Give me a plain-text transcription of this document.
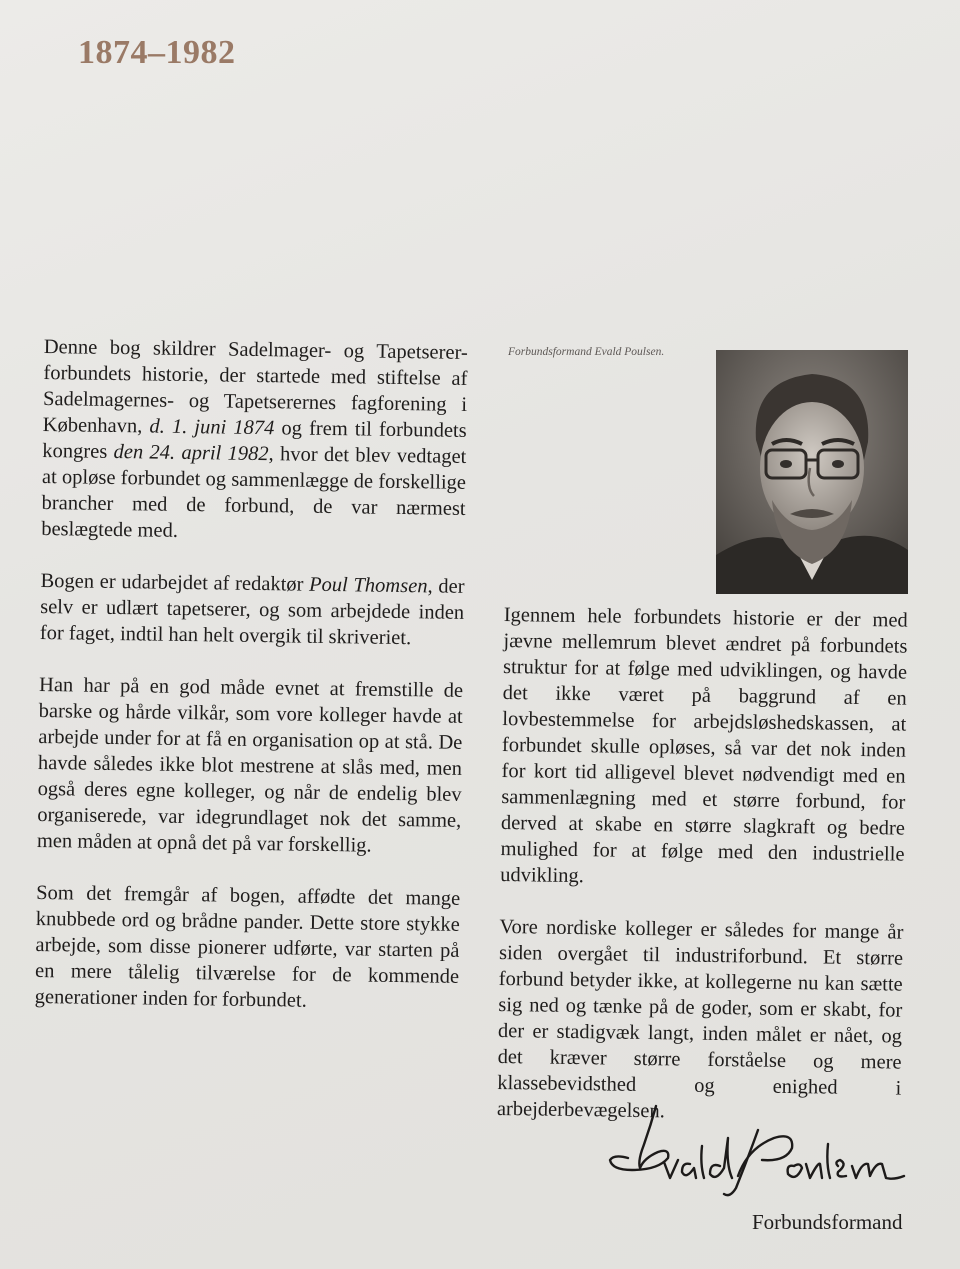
1874–1982

Denne bog skildrer Sadelmager- og Tapetserer-forbundets historie, der startede med stiftelse af Sadelmagernes- og Tapetserernes fagforening i København, d. 1. juni 1874 og frem til forbundets kongres den 24. april 1982, hvor det blev vedtaget at opløse forbundet og sammenlægge de forskellige brancher med de forbund, de var nærmest beslægtede med.

Bogen er udarbejdet af redaktør Poul Thomsen, der selv er udlært tapetserer, og som arbejdede inden for faget, indtil han helt overgik til skriveriet.

Han har på en god måde evnet at fremstille de barske og hårde vilkår, som vore kolleger havde at arbejde under for at få en organisation op at stå. De havde således ikke blot mestrene at slås med, men også deres egne kolleger, og når de endelig blev organiserede, var idegrundlaget nok det samme, men måden at opnå det på var forskellig.

Som det fremgår af bogen, affødte det mange knubbede ord og brådne pander. Dette store stykke arbejde, som disse pionerer udførte, var starten på en mere tålelig tilværelse for de kommende generationer inden for forbundet.

Forbundsformand Evald Poulsen.

Igennem hele forbundets historie er der med jævne mellemrum blevet ændret på forbundets struktur for at følge med udviklingen, og havde det ikke været på baggrund af en lovbestemmelse for arbejdsløshedskassen, at forbundet skulle opløses, så var det nok inden for kort tid alligevel blevet nødvendigt med en sammenlægning med et større forbund, for derved at skabe en større slagkraft og bedre mulighed for at følge med den industrielle udvikling.

Vore nordiske kolleger er således for mange år siden overgået til industriforbund. Et større forbund betyder ikke, at kollegerne nu kan sætte sig ned og tænke på de goder, som er skabt, for der er stadigvæk langt, inden målet er nået, og det kræver større forståelse og mere klassebevidsthed og enighed i arbejderbevægelsen.

Forbundsformand
